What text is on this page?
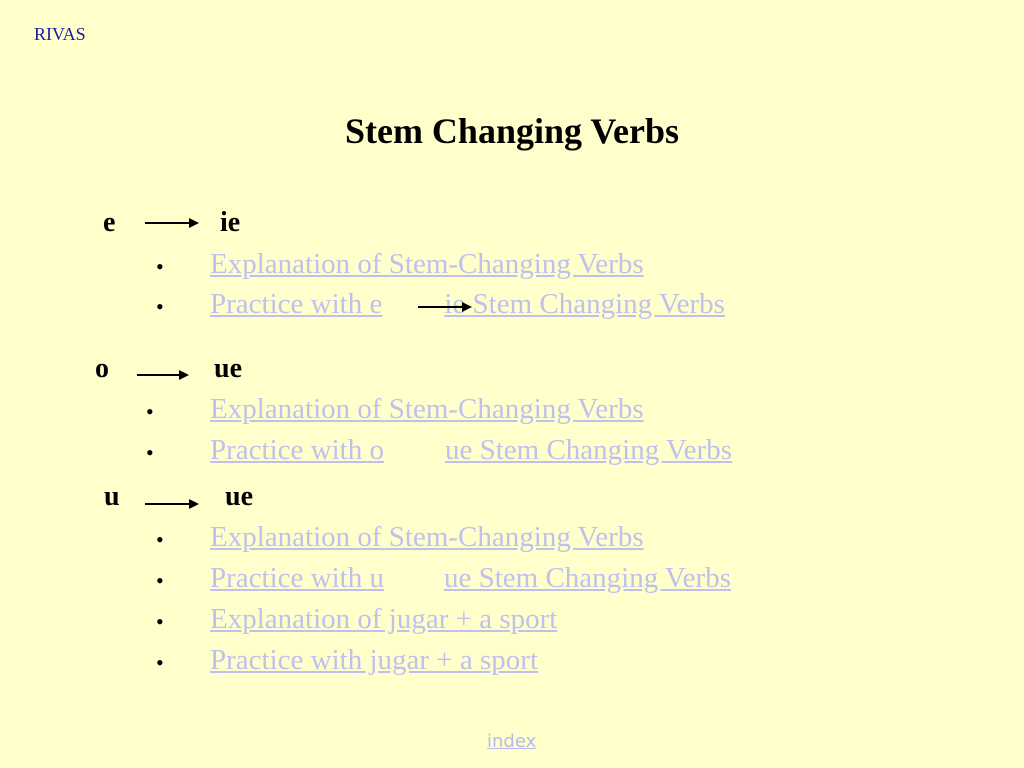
RIVAS
Stem Changing Verbs
e	ie
• Explanation of Stem-Changing Verbs
• Practice with e ie Stem Changing Verbs
o	ue
• Explanation of Stem-Changing Verbs
• Practice with o ue Stem Changing Verbs
u	ue
• Explanation of Stem-Changing Verbs
• Practice with u ue Stem Changing Verbs
• Explanation of jugar + a sport
• Practice with jugar + a sport
index
